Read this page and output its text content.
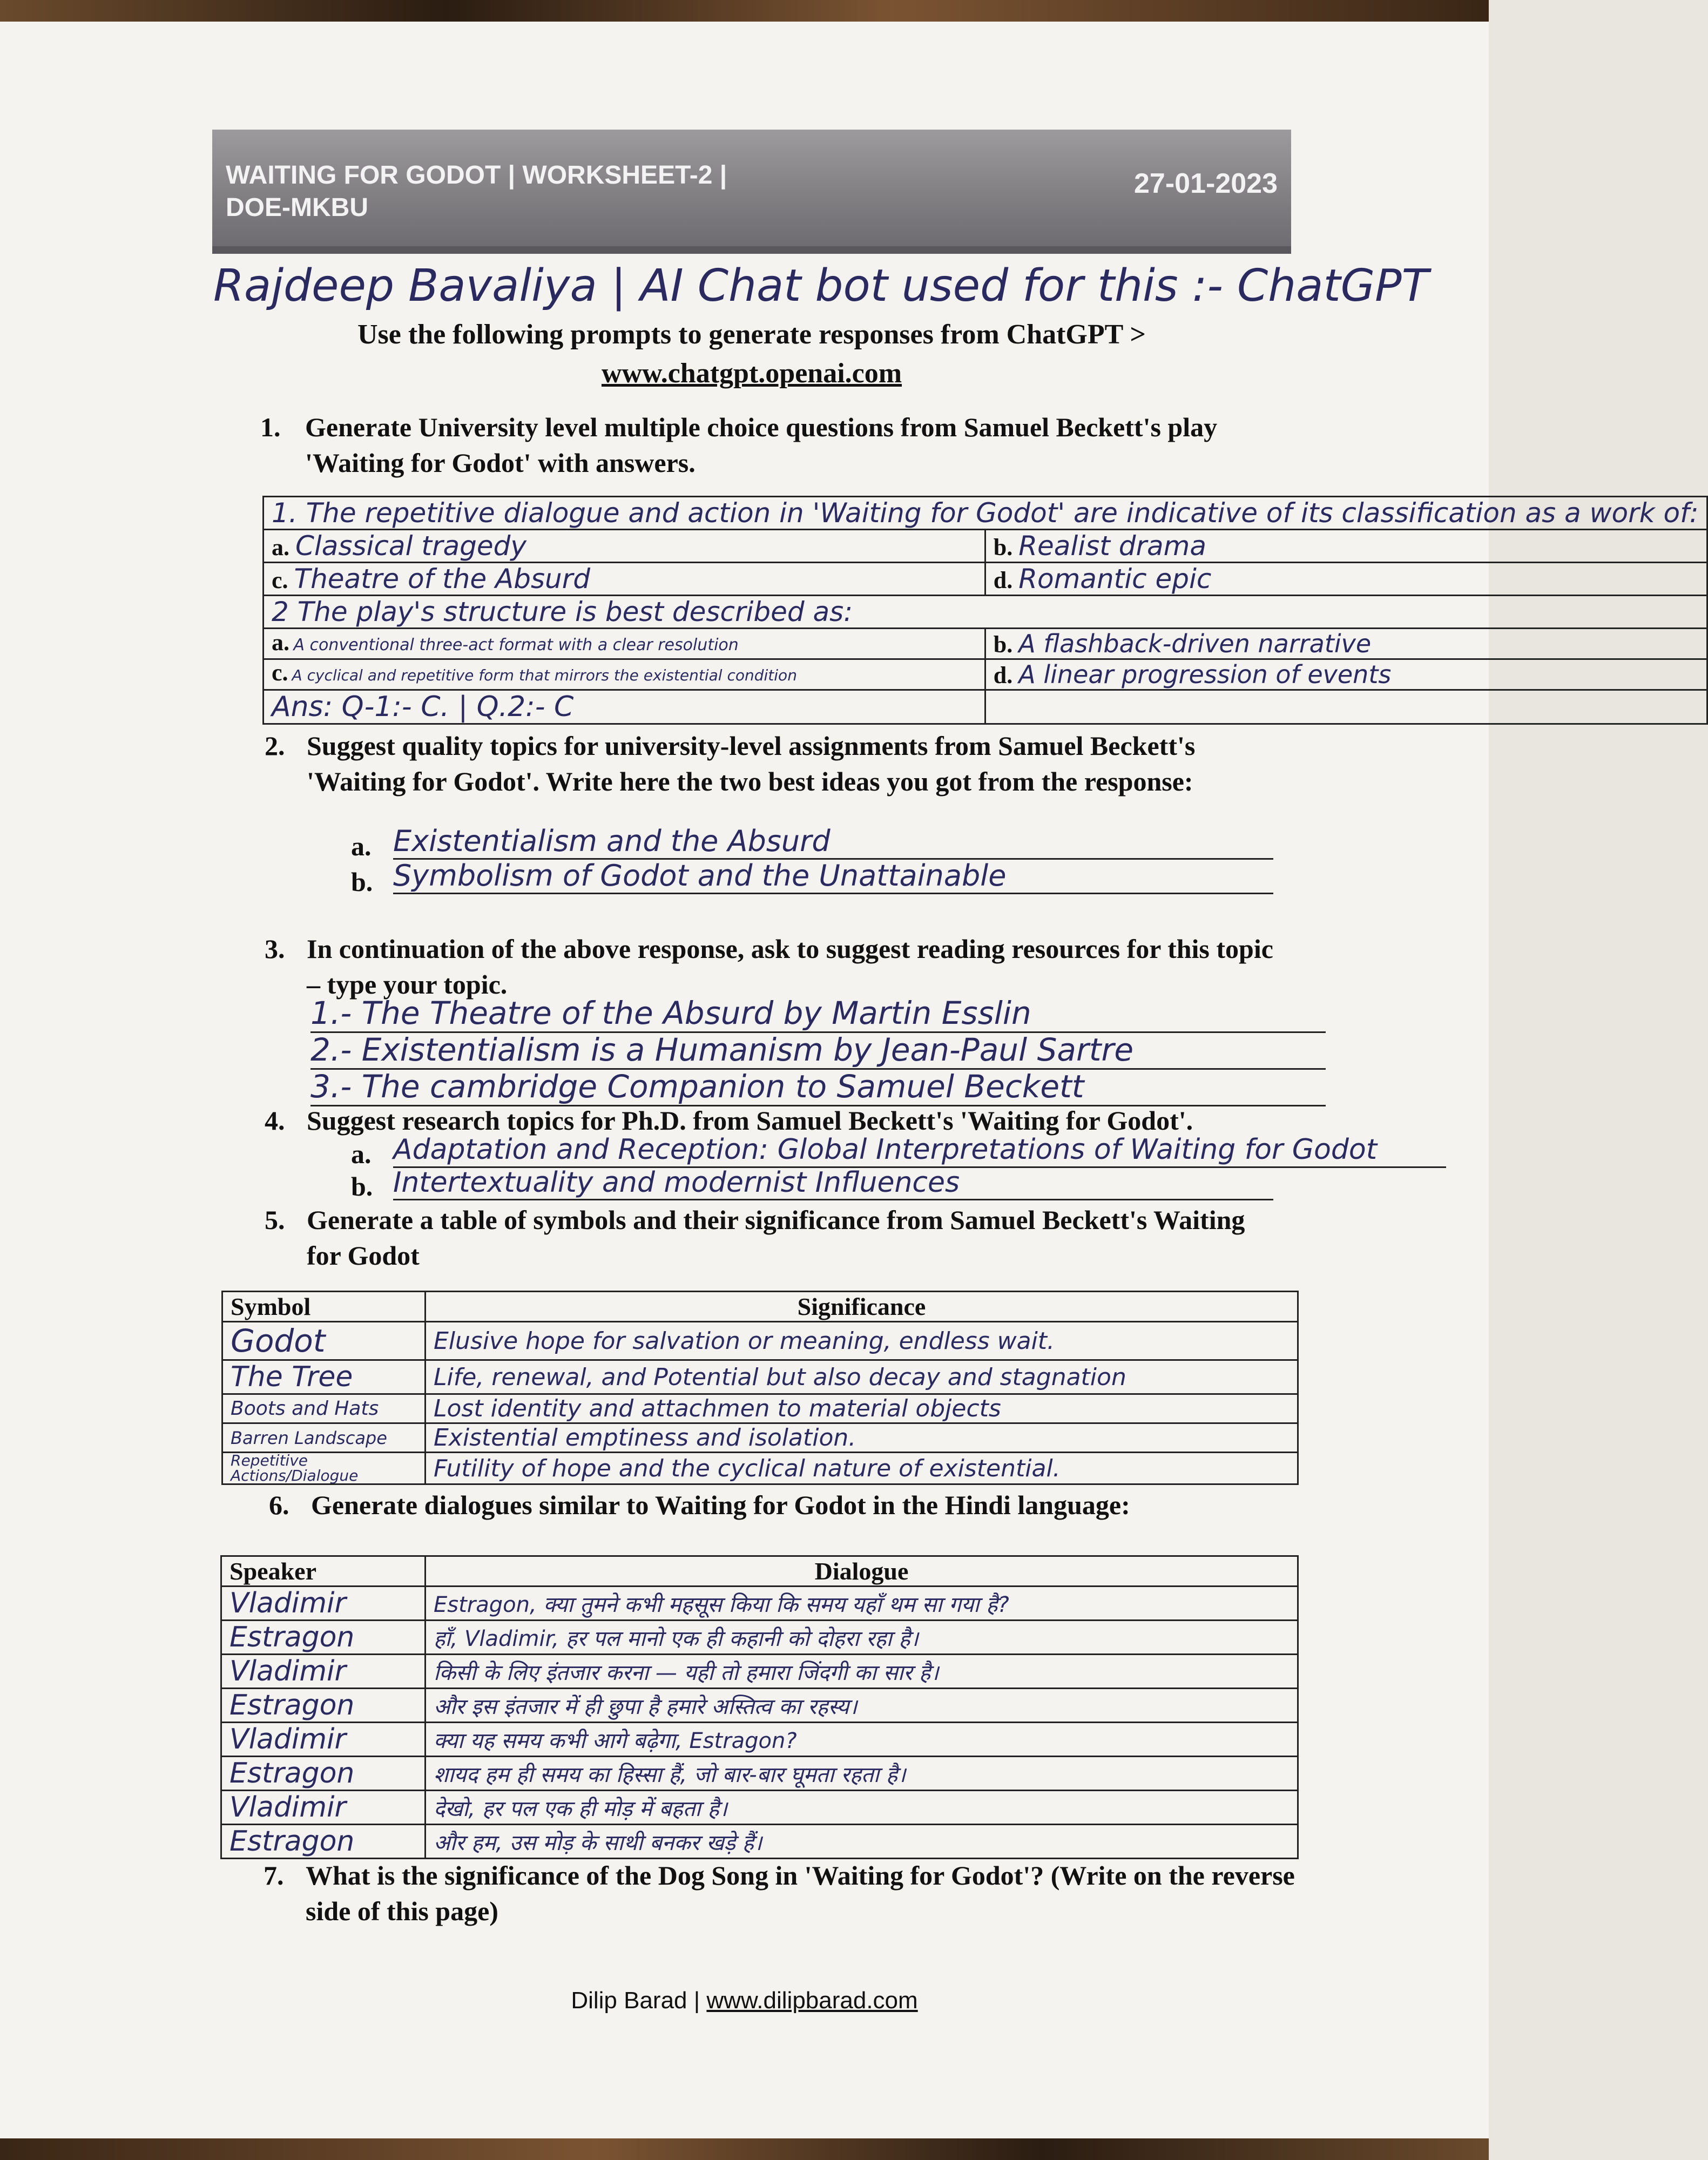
WAITING FOR GODOT | WORKSHEET-2 |
DOE-MKBU
27-01-2023
Rajdeep Bavaliya | AI Chat bot used for this :- ChatGPT
Use the following prompts to generate responses from ChatGPT >
www.chatgpt.openai.com
1. Generate University level multiple choice questions from Samuel Beckett's play 'Waiting for Godot' with answers.
1. The repetitive dialogue and action in 'Waiting for Godot' are indicative of its classification as a work of:	
a. Classical tragedy	b. Realist drama
c. Theatre of the Absurd	d. Romantic epic
2 The play's structure is best described as:	
a. A conventional three-act format with a clear resolution	b. A flashback-driven narrative
c. A cyclical and repetitive form that mirrors the existential condition	d. A linear progression of events
Ans: Q-1:- C. | Q.2:- C	
2. Suggest quality topics for university-level assignments from Samuel Beckett's 'Waiting for Godot'. Write here the two best ideas you got from the response:
a. Existentialism and the Absurd
b. Symbolism of Godot and the Unattainable
3. In continuation of the above response, ask to suggest reading resources for this topic – type your topic.
1.- The Theatre of the Absurd by Martin Esslin
2.- Existentialism is a Humanism by Jean-Paul Sartre
3.- The cambridge Companion to Samuel Beckett
4. Suggest research topics for Ph.D. from Samuel Beckett's 'Waiting for Godot'.
a. Adaptation and Reception: Global Interpretations of Waiting for Godot
b. Intertextuality and modernist Influences
5. Generate a table of symbols and their significance from Samuel Beckett's Waiting for Godot
Symbol	Significance
Godot	Elusive hope for salvation or meaning, endless wait.
The Tree	Life, renewal, and Potential but also decay and stagnation
Boots and Hats	Lost identity and attachmen to material objects
Barren Landscape	Existential emptiness and isolation.
Repetitive Actions/Dialogue	Futility of hope and the cyclical nature of existential.
6. Generate dialogues similar to Waiting for Godot in the Hindi language:
Speaker	Dialogue
Vladimir	Estragon, क्या तुमने कभी महसूस किया कि समय यहाँ थम सा गया है?
Estragon	हाँ, Vladimir, हर पल मानो एक ही कहानी को दोहरा रहा है।
Vladimir	किसी के लिए इंतजार करना — यही तो हमारा जिंदगी का सार है।
Estragon	और इस इंतजार में ही छुपा है हमारे अस्तित्व का रहस्य।
Vladimir	क्या यह समय कभी आगे बढ़ेगा, Estragon?
Estragon	शायद हम ही समय का हिस्सा हैं, जो बार-बार घूमता रहता है।
Vladimir	देखो, हर पल एक ही मोड़ में बहता है।
Estragon	और हम, उस मोड़ के साथी बनकर खड़े हैं।
7. What is the significance of the Dog Song in 'Waiting for Godot'? (Write on the reverse side of this page)
Dilip Barad | www.dilipbarad.com
